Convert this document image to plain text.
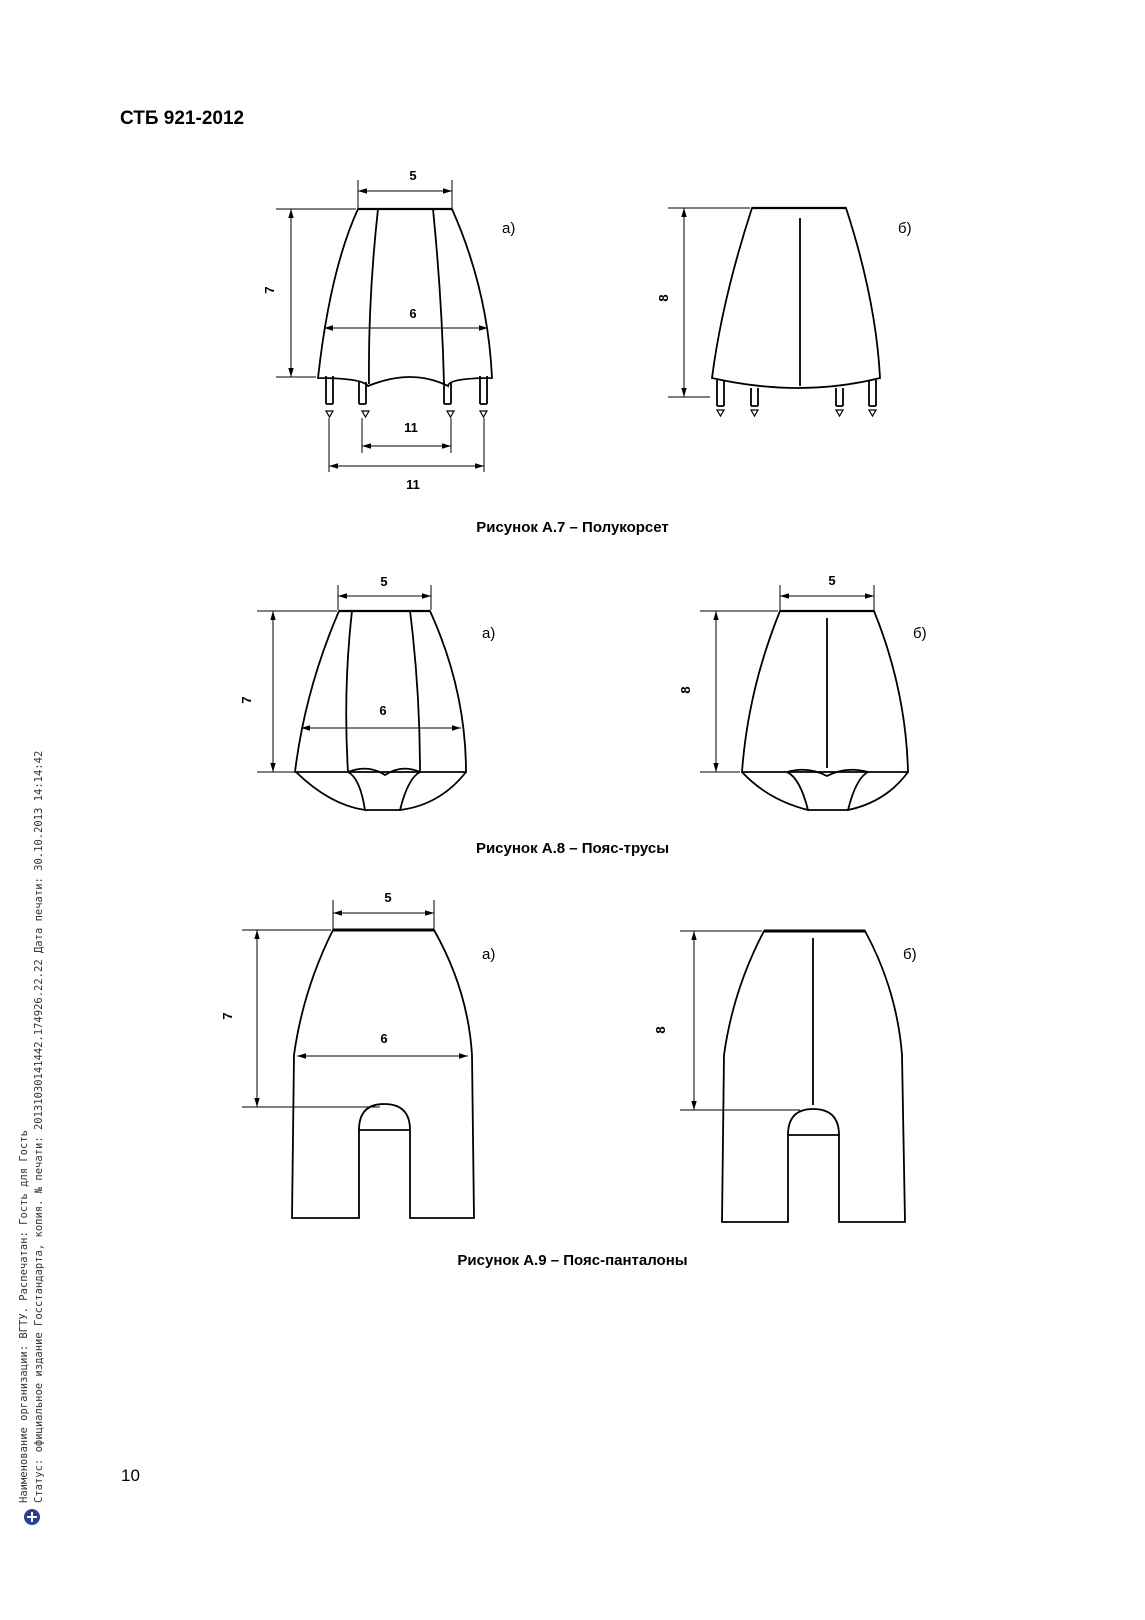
СТБ 921-2012
5
7
6
11
11
8
а)	б)
5
7
6
5
8
а)	б)
5
7
6
8
а)	б)
Рисунок А.7 – Полукорсет
Рисунок А.8 – Пояс-трусы
Рисунок А.9 – Пояс-панталоны
10
Наименование организации: ВГТУ. Распечатан: Гость для Гость Статус: официальное издание Госстандарта, копия. № печати: 20131030141442.174926.22.22 Дата печати: 30.10.2013 14:14:42
